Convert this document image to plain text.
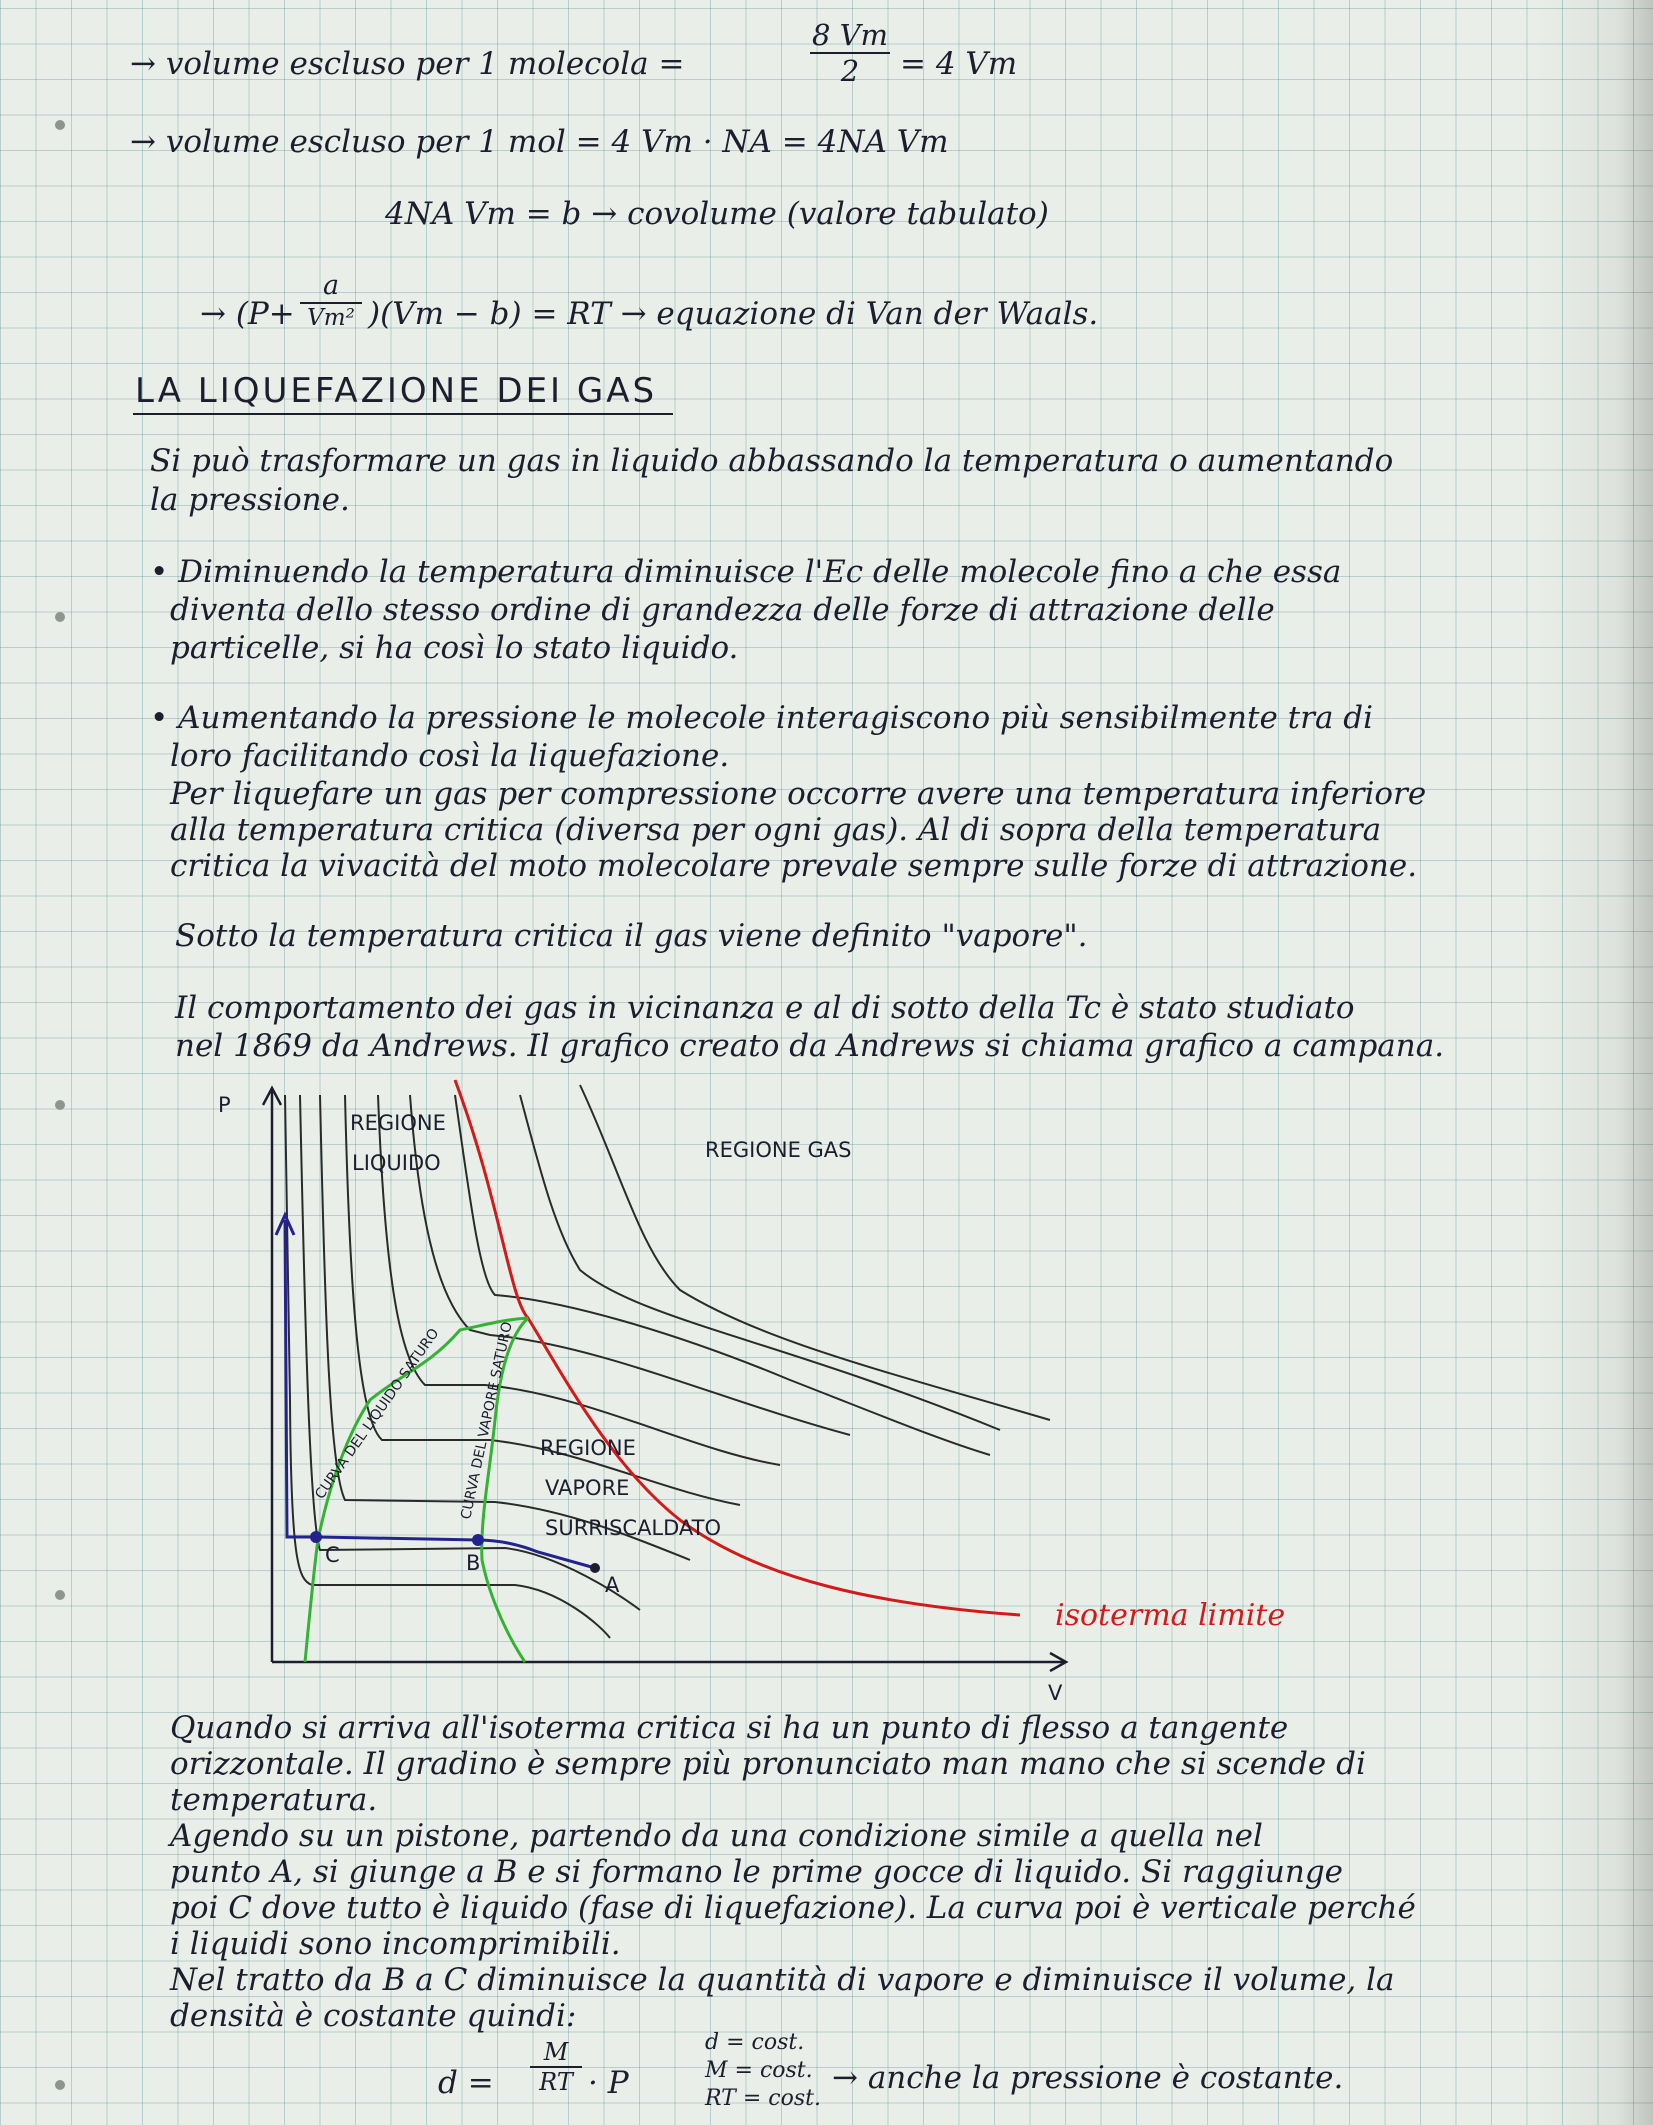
→ volume escluso per 1 molecola =
8 Vm
2	= 4 Vm
→ volume escluso per 1 mol = 4 Vm · NA = 4NA Vm
4NA Vm = b → covolume (valore tabulato)
→ (P+
a
Vm² )(Vm − b) = RT → equazione di Van der Waals.
LA LIQUEFAZIONE DEI GAS
Si può trasformare un gas in liquido abbassando la temperatura o aumentando
la pressione.
• Diminuendo la temperatura diminuisce l'Ec delle molecole fino a che essa
diventa dello stesso ordine di grandezza delle forze di attrazione delle
particelle, si ha così lo stato liquido.
• Aumentando la pressione le molecole interagiscono più sensibilmente tra di
loro facilitando così la liquefazione.
Per liquefare un gas per compressione occorre avere una temperatura inferiore
alla temperatura critica (diversa per ogni gas). Al di sopra della temperatura
critica la vivacità del moto molecolare prevale sempre sulle forze di attrazione.
Sotto la temperatura critica il gas viene definito "vapore".
Il comportamento dei gas in vicinanza e al di sotto della Tc è stato studiato
nel 1869 da Andrews. Il grafico creato da Andrews si chiama grafico a campana.
P
V
isoterma limite
A
B
C
REGIONE
LIQUIDO
REGIONE GAS
REGIONE
VAPORE
SURRISCALDATO
CURVA DEL LIQUIDO SATURO CURVA DEL VAPORE SATURO
Quando si arriva all'isoterma critica si ha un punto di flesso a tangente
orizzontale. Il gradino è sempre più pronunciato man mano che si scende di
temperatura.
Agendo su un pistone, partendo da una condizione simile a quella nel
punto A, si giunge a B e si formano le prime gocce di liquido. Si raggiunge
poi C dove tutto è liquido (fase di liquefazione). La curva poi è verticale perché
i liquidi sono incomprimibili.
Nel tratto da B a C diminuisce la quantità di vapore e diminuisce il volume, la
densità è costante quindi:
d =
M
RT · P
d = cost.
M = cost.
RT = cost.
→ anche la pressione è costante.
